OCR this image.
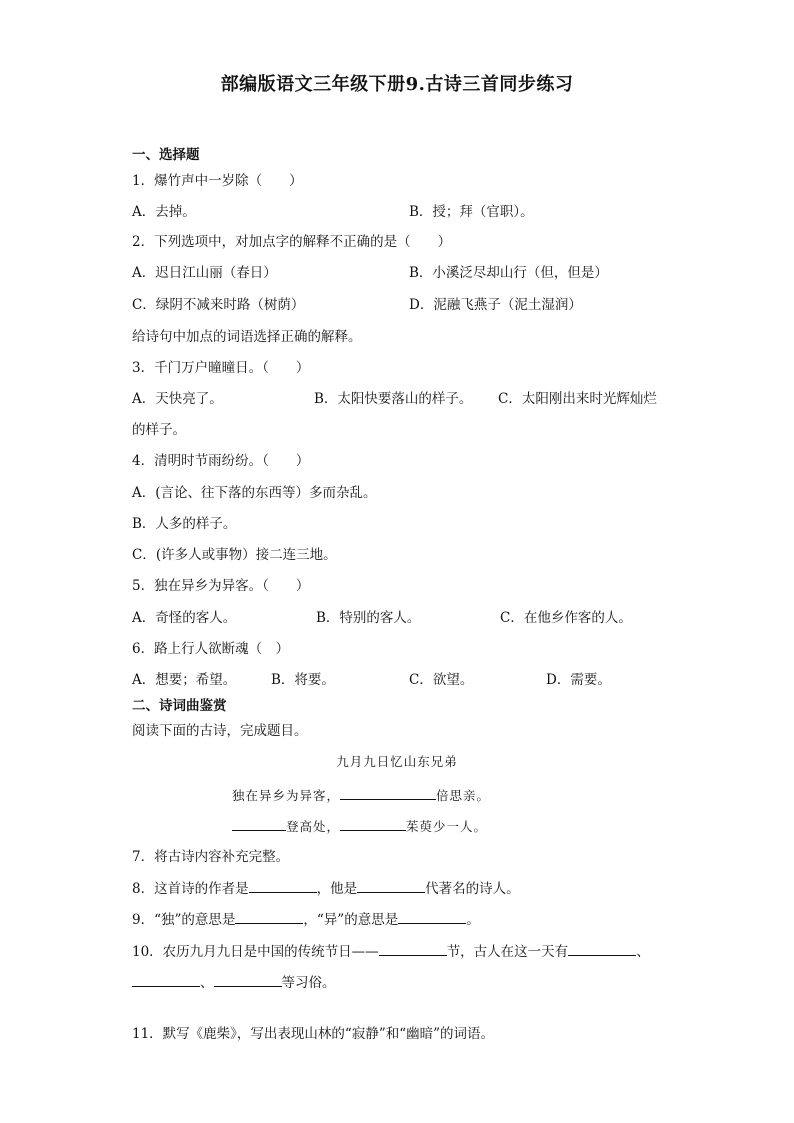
部编版语文三年级下册9.古诗三首同步练习
一、选择题
1．爆竹声中一岁除（　　）
A．去掉。	B．授；拜（官职）。
2．下列选项中，对加点字的解释不正确的是（　　）
A．迟日江山丽（春日）	B．小溪泛尽却山行（但，但是）
C．绿阴不减来时路（树荫）	D．泥融飞燕子（泥土湿润）
给诗句中加点的词语选择正确的解释。
3．千门万户曈曈日。（　　）
A．天快亮了。	B．太阳快要落山的样子。 C．太阳刚出来时光辉灿烂
的样子。
4．清明时节雨纷纷。（　　）
A．(言论、往下落的东西等）多而杂乱。
B．人多的样子。
C．(许多人或事物）接二连三地。
5．独在异乡为异客。（　　）
A．奇怪的客人。	B．特别的客人。	C．在他乡作客的人。
6．路上行人欲断魂（　）
A．想要；希望。	B．将要。	C．欲望。	D．需要。
二、诗词曲鉴赏
阅读下面的古诗，完成题目。
九月九日忆山东兄弟
独在异乡为异客，	倍思亲。
登高处，	茱萸少一人。
7．将古诗内容补充完整。
8．这首诗的作者是	，他是	代著名的诗人。
9．“独”的意思是	，“异”的意思是	。
10．农历九月九日是中国的传统节日——	节，古人在这一天有	、
、	等习俗。
11．默写《鹿柴》，写出表现山林的“寂静”和“幽暗”的词语。
